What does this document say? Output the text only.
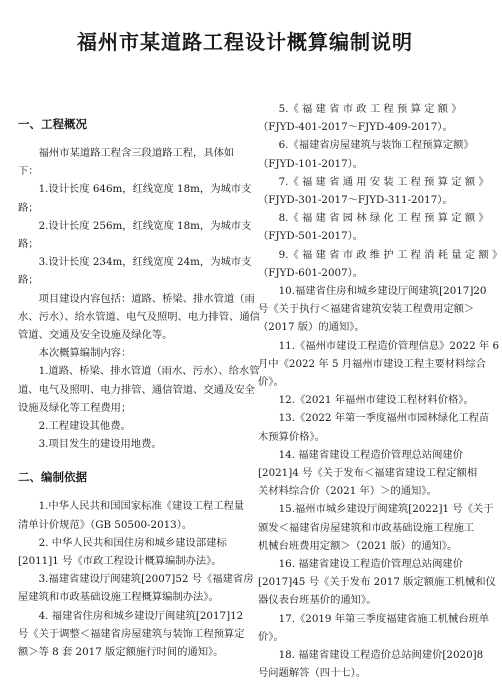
福州市某道路工程设计概算编制说明
一、工程概况
　　福州市某道路工程含三段道路工程，具体如
下：
　　1.设计长度 646m，红线宽度 18m，为城市支
路；
　　2.设计长度 256m，红线宽度 18m，为城市支
路；
　　3.设计长度 234m，红线宽度 24m，为城市支
路；
　　项目建设内容包括：道路、桥梁、排水管道（雨
水、污水）、给水管道、电气及照明、电力排管、通信
管道、交通及安全设施及绿化等。
　　本次概算编制内容：
　　1.道路、桥梁、排水管道（雨水、污水）、给水管
道、电气及照明、电力排管、通信管道、交通及安全
设施及绿化等工程费用；
　　2.工程建设其他费。
　　3.项目发生的建设用地费。
二、编制依据
　　1.中华人民共和国国家标准《建设工程工程量
清单计价规范》（GB 50500-2013）。
　　2. 中华人民共和国住房和城乡建设部建标
[2011]1 号《市政工程设计概算编制办法》。
　　3.福建省建设厅闽建筑[2007]52 号《福建省房
屋建筑和市政基础设施工程概算编制办法》。
　　4. 福建省住房和城乡建设厅闽建筑[2017]12
号《关于调整＜福建省房屋建筑与装饰工程预算定
额＞等 8 套 2017 版定额施行时间的通知》。
　　5.《 福 建 省 市 政 工 程 预 算 定 额 》
（FJYD-401-2017～FJYD-409-2017）。
　　6.《福建省房屋建筑与装饰工程预算定额》
（FJYD-101-2017）。
　　7.《 福 建 省 通 用 安 装 工 程 预 算 定 额 》
（FJYD-301-2017～FJYD-311-2017）。
　　8.《 福 建 省 园 林 绿 化 工 程 预 算 定 额 》
（FJYD-501-2017）。
　　9.《 福 建 省 市 政 维 护 工 程 消 耗 量 定 额 》
（FJYD-601-2007）。
　　10.福建省住房和城乡建设厅闽建筑[2017]20
号《关于执行＜福建省建筑安装工程费用定额＞
（2017 版）的通知》。
　　11.《福州市建设工程造价管理信息》2022 年 6
月中《2022 年 5 月福州市建设工程主要材料综合
价》。
　　12.《2021 年福州市建设工程材料价格》。
　　13.《2022 年第一季度福州市园林绿化工程苗
木预算价格》。
　　14. 福建省建设工程造价管理总站闽建价
[2021]4 号《关于发布＜福建省建设工程定额相
关材料综合价（2021 年）＞的通知》。
　　15.福州市城乡建设厅闽建筑[2022]1 号《关于
颁发＜福建省房屋建筑和市政基础设施工程施工
机械台班费用定额＞（2021 版）的通知》。
　　16. 福建省建设工程造价管理总站闽建价
[2017]45 号《关于发布 2017 版定额施工机械和仪
器仪表台班基价的通知》。
　　17.《2019 年第三季度福建省施工机械台班单
价》。
　　18. 福建省建设工程造价总站闽建价[2020]8
号问题解答（四十七）。
